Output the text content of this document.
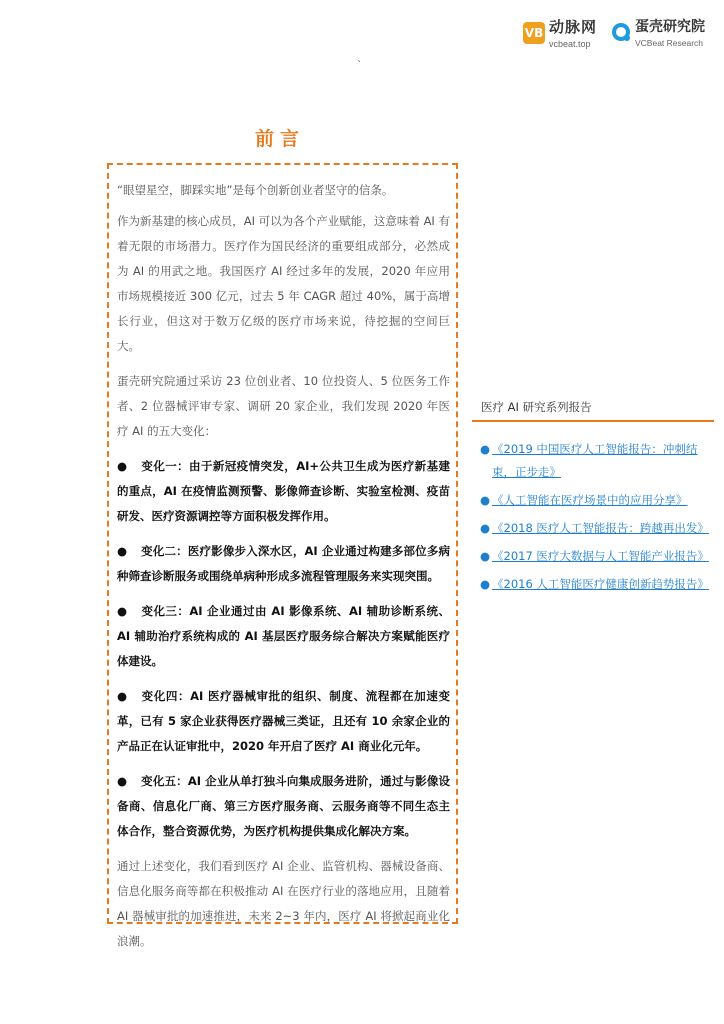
VB 动脉网
vcbeat.top
蛋壳研究院
VCBeat Research
`
前言

“眼望星空，脚踩实地”是每个创新创业者坚守的信条。

作为新基建的核心成员，AI 可以为各个产业赋能，这意味着 AI 有着无限的市场潜力。医疗作为国民经济的重要组成部分，必然成为 AI 的用武之地。我国医疗 AI 经过多年的发展，2020 年应用市场规模接近 300 亿元，过去 5 年 CAGR 超过 40%，属于高增长行业，但这对于数万亿级的医疗市场来说，待挖掘的空间巨大。

蛋壳研究院通过采访 23 位创业者、10 位投资人、5 位医务工作者、2 位器械评审专家、调研 20 家企业，我们发现 2020 年医疗 AI 的五大变化：

● 变化一：由于新冠疫情突发，AI+公共卫生成为医疗新基建的重点，AI 在疫情监测预警、影像筛查诊断、实验室检测、疫苗研发、医疗资源调控等方面积极发挥作用。

● 变化二：医疗影像步入深水区，AI 企业通过构建多部位多病种筛查诊断服务或围绕单病种形成多流程管理服务来实现突围。

● 变化三：AI 企业通过由 AI 影像系统、AI 辅助诊断系统、AI 辅助治疗系统构成的 AI 基层医疗服务综合解决方案赋能医疗体建设。

● 变化四：AI 医疗器械审批的组织、制度、流程都在加速变革，已有 5 家企业获得医疗器械三类证，且还有 10 余家企业的产品正在认证审批中，2020 年开启了医疗 AI 商业化元年。

● 变化五：AI 企业从单打独斗向集成服务进阶，通过与影像设备商、信息化厂商、第三方医疗服务商、云服务商等不同生态主体合作，整合资源优势，为医疗机构提供集成化解决方案。

通过上述变化，我们看到医疗 AI 企业、监管机构、器械设备商、信息化服务商等都在积极推动 AI 在医疗行业的落地应用，且随着 AI 器械审批的加速推进，未来 2~3 年内，医疗 AI 将掀起商业化浪潮。

医疗 AI 研究系列报告
● 《2019 中国医疗人工智能报告：冲刺结束，正步走》
● 《人工智能在医疗场景中的应用分享》
● 《2018 医疗人工智能报告：跨越再出发》
● 《2017 医疗大数据与人工智能产业报告》
● 《2016 人工智能医疗健康创新趋势报告》
